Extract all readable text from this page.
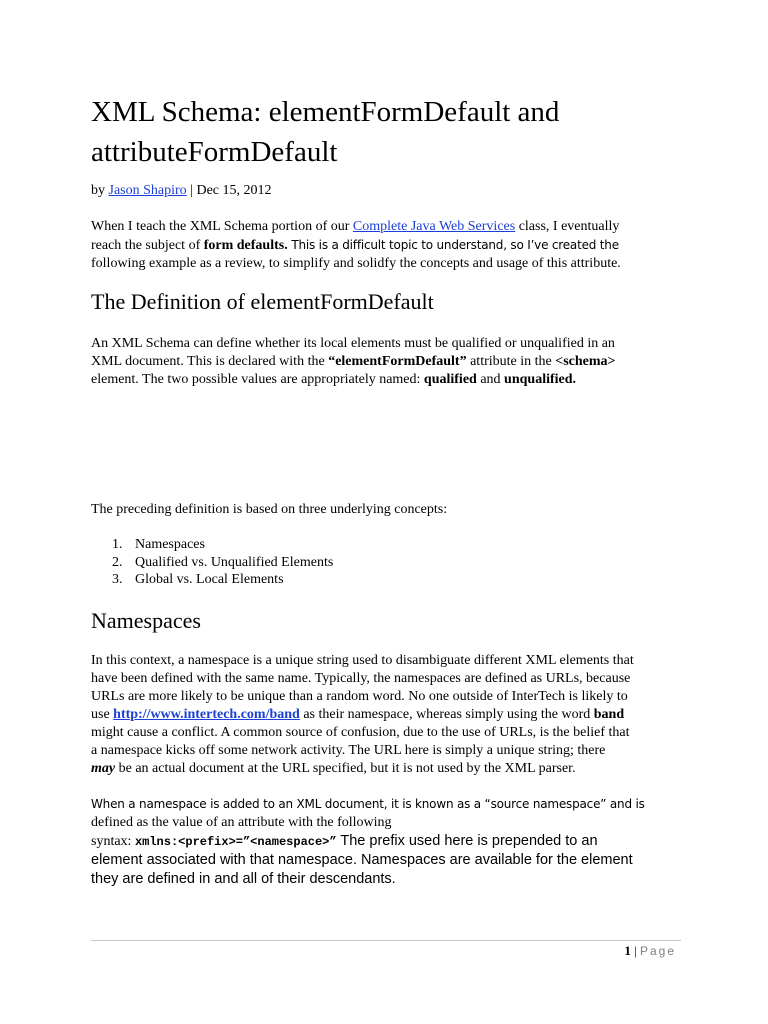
XML Schema: elementFormDefault and
attributeFormDefault
by Jason Shapiro | Dec 15, 2012
When I teach the XML Schema portion of our Complete Java Web Services class, I eventually
reach the subject of form defaults. This is a difficult topic to understand, so I’ve created the
following example as a review, to simplify and solidfy the concepts and usage of this attribute.
The Definition of elementFormDefault
An XML Schema can define whether its local elements must be qualified or unqualified in an
XML document. This is declared with the “elementFormDefault” attribute in the <schema>
element. The two possible values are appropriately named: qualified and unqualified.
The preceding definition is based on three underlying concepts:
1. Namespaces
2. Qualified vs. Unqualified Elements
3. Global vs. Local Elements
Namespaces
In this context, a namespace is a unique string used to disambiguate different XML elements that
have been defined with the same name. Typically, the namespaces are defined as URLs, because
URLs are more likely to be unique than a random word. No one outside of InterTech is likely to
use http://www.intertech.com/band as their namespace, whereas simply using the word band
might cause a conflict. A common source of confusion, due to the use of URLs, is the belief that
a namespace kicks off some network activity. The URL here is simply a unique string; there
may be an actual document at the URL specified, but it is not used by the XML parser.
When a namespace is added to an XML document, it is known as a “source namespace” and is
defined as the value of an attribute with the following
syntax: xmlns:<prefix>=”<namespace>” The prefix used here is prepended to an
element associated with that namespace. Namespaces are available for the element
they are defined in and all of their descendants.
1 | Page
